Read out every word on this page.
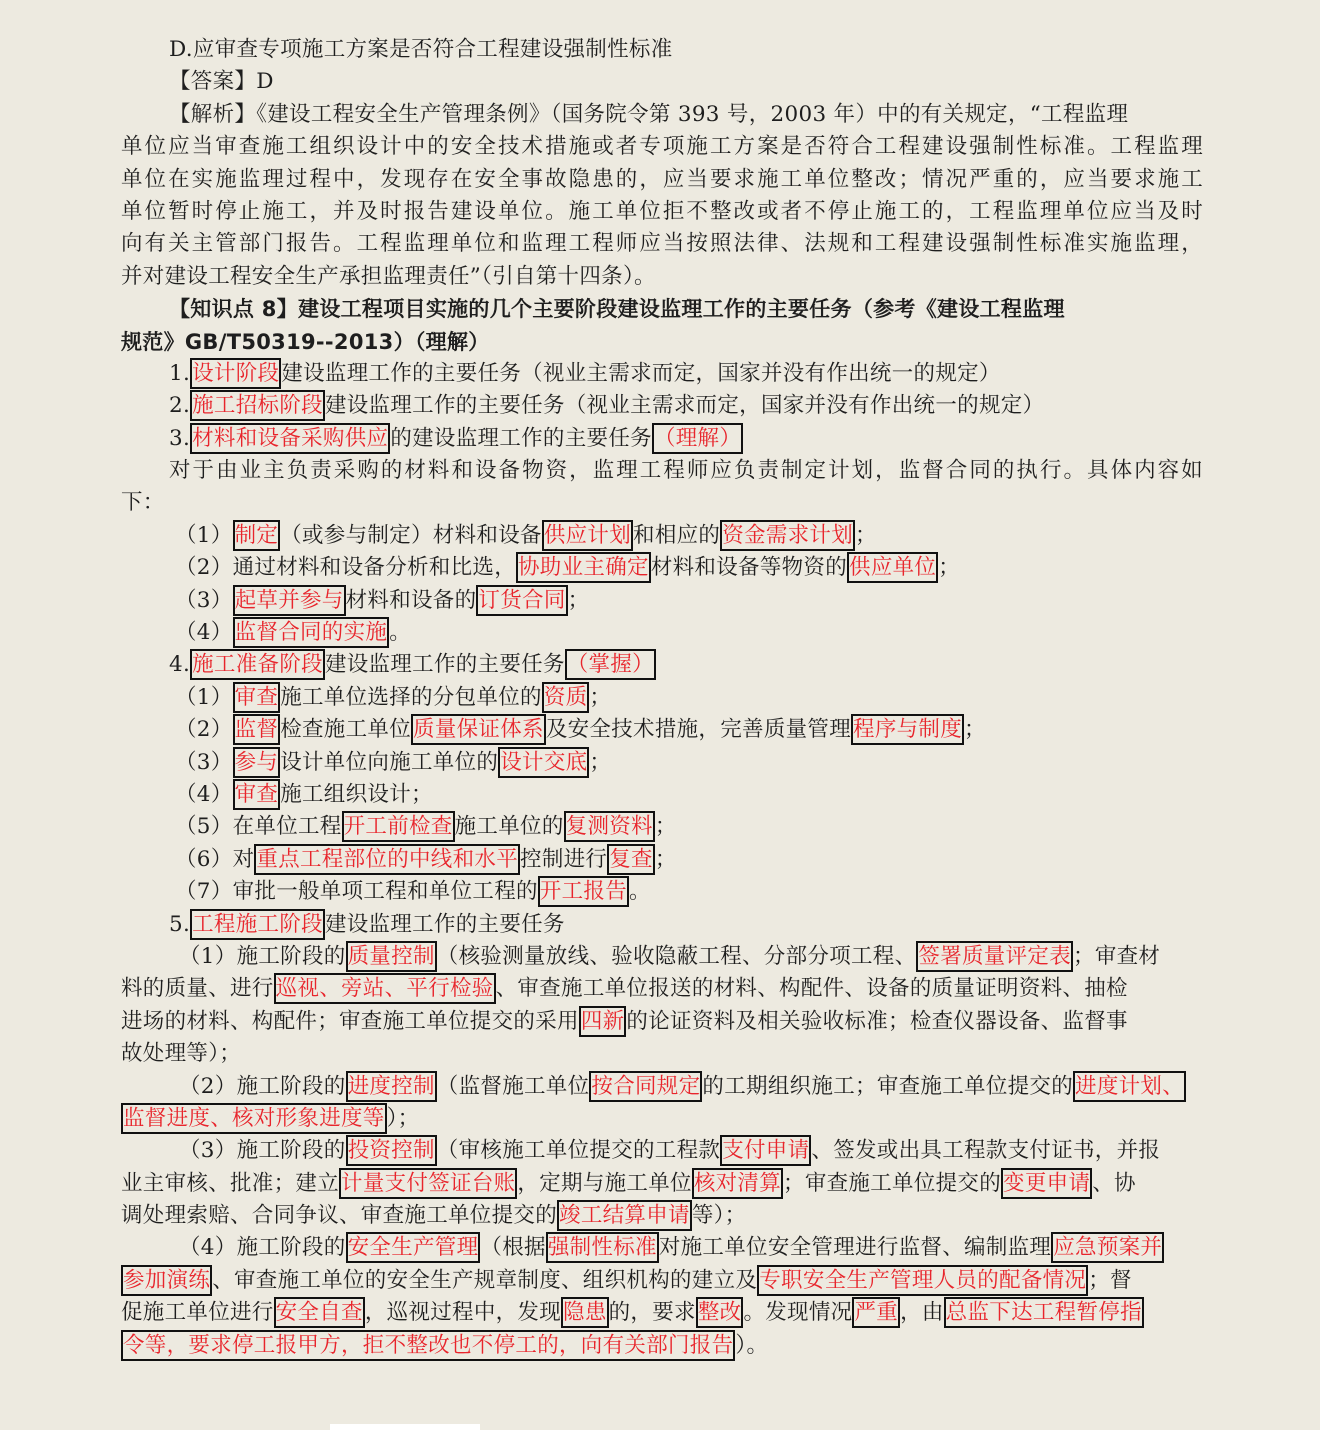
D.应审查专项施工方案是否符合工程建设强制性标准
【答案】D
【解析】《建设工程安全生产管理条例》（国务院令第 393 号，2003 年）中的有关规定，“工程监理
单位应当审查施工组织设计中的安全技术措施或者专项施工方案是否符合工程建设强制性标准。工程监理
单位在实施监理过程中，发现存在安全事故隐患的，应当要求施工单位整改；情况严重的，应当要求施工
单位暂时停止施工，并及时报告建设单位。施工单位拒不整改或者不停止施工的，工程监理单位应当及时
向有关主管部门报告。工程监理单位和监理工程师应当按照法律、法规和工程建设强制性标准实施监理，
并对建设工程安全生产承担监理责任”（引自第十四条）。
【知识点 8】建设工程项目实施的几个主要阶段建设监理工作的主要任务（参考《建设工程监理
规范》GB/T50319--2013）（理解）
1.设计阶段建设监理工作的主要任务（视业主需求而定，国家并没有作出统一的规定）
2.施工招标阶段建设监理工作的主要任务（视业主需求而定，国家并没有作出统一的规定）
3.材料和设备采购供应的建设监理工作的主要任务（理解）
对于由业主负责采购的材料和设备物资，监理工程师应负责制定计划，监督合同的执行。具体内容如
下：
（1）制定（或参与制定）材料和设备供应计划和相应的资金需求计划；
（2）通过材料和设备分析和比选，协助业主确定材料和设备等物资的供应单位；
（3）起草并参与材料和设备的订货合同；
（4）监督合同的实施。
4.施工准备阶段建设监理工作的主要任务（掌握）
（1）审查施工单位选择的分包单位的资质；
（2）监督检查施工单位质量保证体系及安全技术措施，完善质量管理程序与制度；
（3）参与设计单位向施工单位的设计交底；
（4）审查施工组织设计；
（5）在单位工程开工前检查施工单位的复测资料；
（6）对重点工程部位的中线和水平控制进行复查；
（7）审批一般单项工程和单位工程的开工报告。
5.工程施工阶段建设监理工作的主要任务
（1）施工阶段的质量控制（核验测量放线、验收隐蔽工程、分部分项工程、签署质量评定表；审查材
料的质量、进行巡视、旁站、平行检验、审查施工单位报送的材料、构配件、设备的质量证明资料、抽检
进场的材料、构配件；审查施工单位提交的采用四新的论证资料及相关验收标准；检查仪器设备、监督事
故处理等）；
（2）施工阶段的进度控制（监督施工单位按合同规定的工期组织施工；审查施工单位提交的进度计划、
监督进度、核对形象进度等）；
（3）施工阶段的投资控制（审核施工单位提交的工程款支付申请、签发或出具工程款支付证书，并报
业主审核、批准；建立计量支付签证台账，定期与施工单位核对清算；审查施工单位提交的变更申请、协
调处理索赔、合同争议、审查施工单位提交的竣工结算申请等）；
（4）施工阶段的安全生产管理（根据强制性标准对施工单位安全管理进行监督、编制监理应急预案并
参加演练、审查施工单位的安全生产规章制度、组织机构的建立及专职安全生产管理人员的配备情况；督
促施工单位进行安全自查，巡视过程中，发现隐患的，要求整改。发现情况严重，由总监下达工程暂停指
令等，要求停工报甲方，拒不整改也不停工的，向有关部门报告）。
